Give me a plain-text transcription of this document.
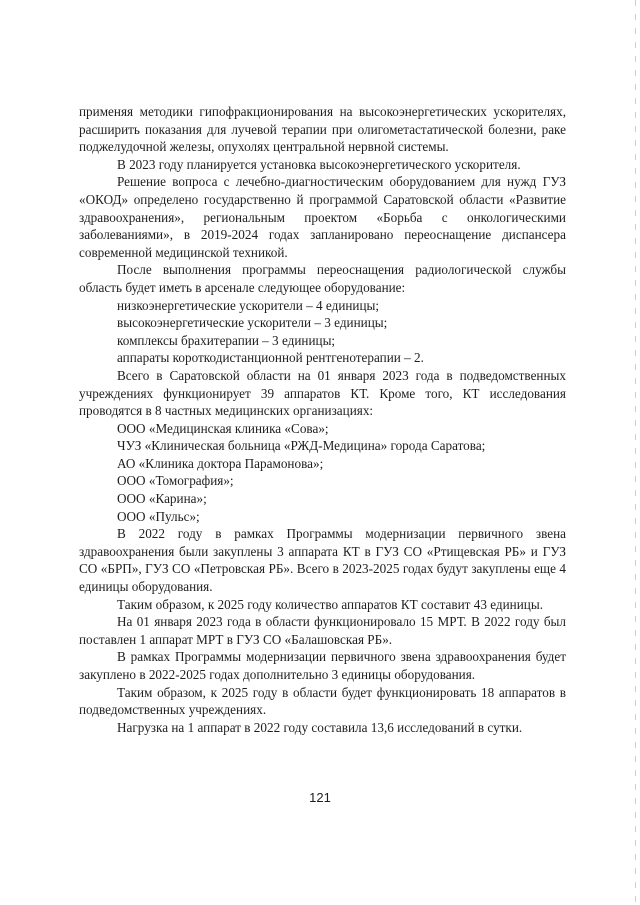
применяя методики гипофракционирования на высокоэнергетических ускорителях, расширить показания для лучевой терапии при олигометастатической болезни, раке поджелудочной железы, опухолях центральной нервной системы.

В 2023 году планируется установка высокоэнергетического ускорителя.

Решение вопроса с лечебно-диагностическим оборудованием для нужд ГУЗ «ОКОД» определено государственно й программой Саратовской области «Развитие здравоохранения», региональным проектом «Борьба с онкологическими заболеваниями», в 2019-2024 годах запланировано переоснащение диспансера современной медицинской техникой.

После выполнения программы переоснащения радиологической службы область будет иметь в арсенале следующее оборудование:

низкоэнергетические ускорители – 4 единицы;

высокоэнергетические ускорители – 3 единицы;

комплексы брахитерапии – 3 единицы;

аппараты короткодистанционной рентгенотерапии – 2.

Всего в Саратовской области на 01 января 2023 года в подведомственных учреждениях функционирует 39 аппаратов КТ. Кроме того, КТ исследования проводятся в 8 частных медицинских организациях:

ООО «Медицинская клиника «Сова»;

ЧУЗ «Клиническая больница «РЖД-Медицина» города Саратова;

АО «Клиника доктора Парамонова»;

ООО «Томография»;

ООО «Карина»;

ООО «Пульс»;

В 2022 году в рамках Программы модернизации первичного звена здравоохранения были закуплены 3 аппарата КТ в ГУЗ СО «Ртищевская РБ» и ГУЗ СО «БРП», ГУЗ СО «Петровская РБ». Всего в 2023-2025 годах будут закуплены еще 4 единицы оборудования.

Таким образом, к 2025 году количество аппаратов КТ составит 43 единицы.

На 01 января 2023 года в области функционировало 15 МРТ. В 2022 году был поставлен 1 аппарат МРТ в ГУЗ СО «Балашовская РБ».

В рамках Программы модернизации первичного звена здравоохранения будет закуплено в 2022-2025 годах дополнительно 3 единицы оборудования.

Таким образом, к 2025 году в области будет функционировать 18 аппаратов в подведомственных учреждениях.

Нагрузка на 1 аппарат в 2022 году составила 13,6 исследований в сутки.

121
